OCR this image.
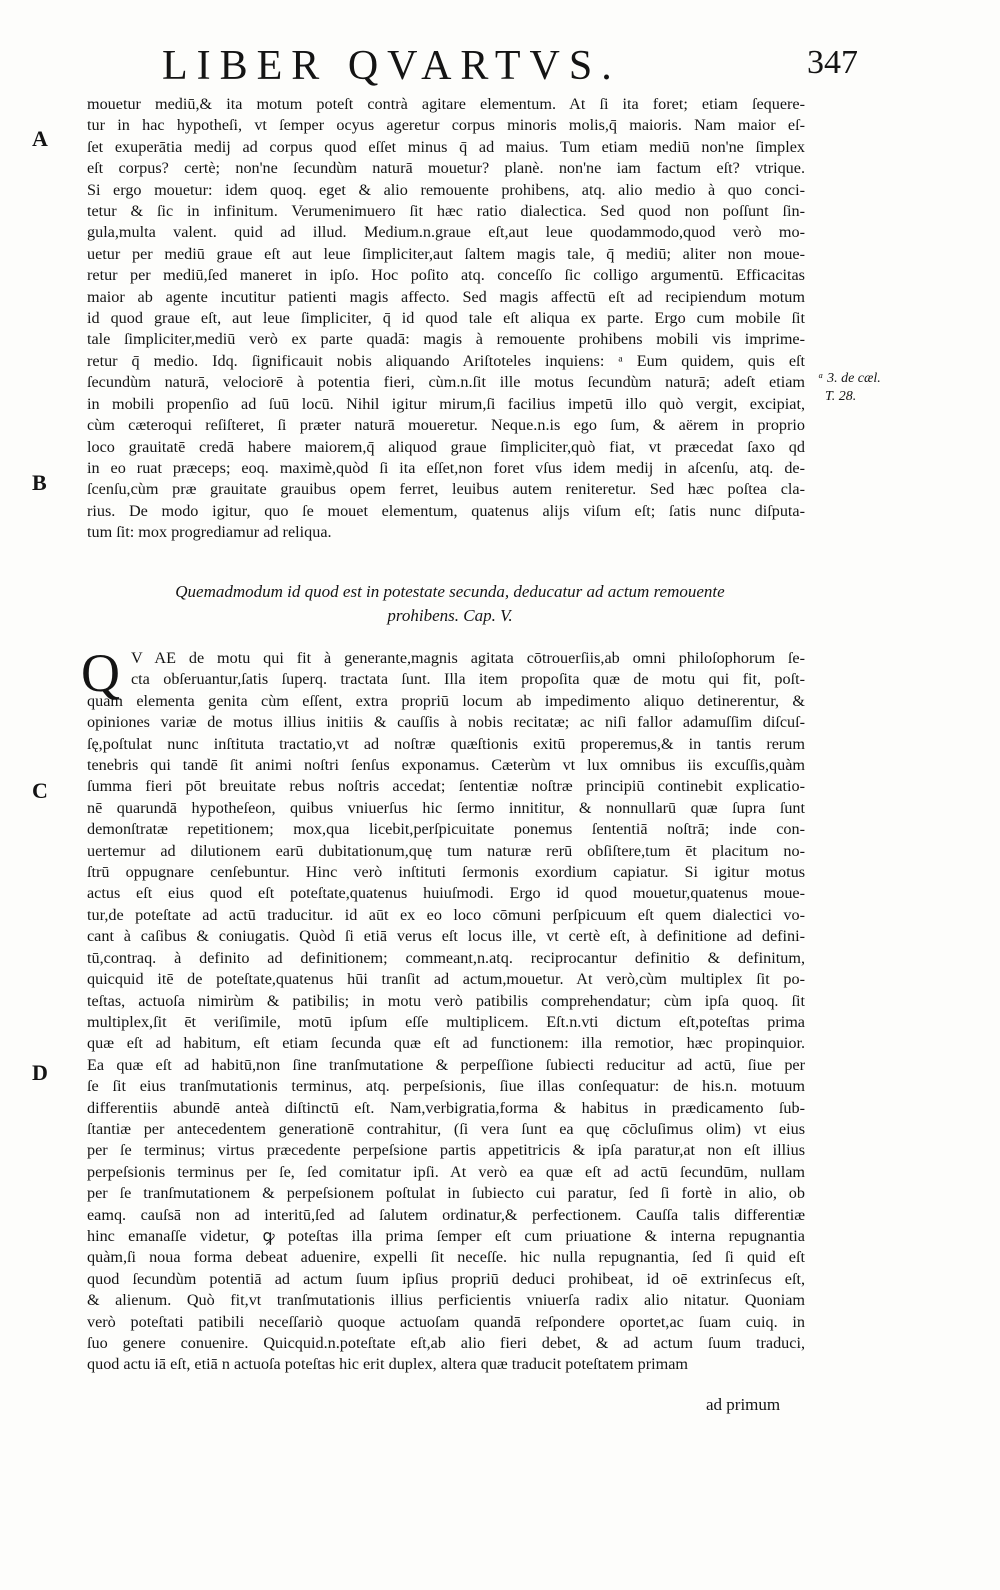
LIBER QVARTVS.	347
A
B
C
D
ᵃ 3. de cæl.
T. 28.
mouetur mediū,& ita motum poteſt contrà agitare elementum. At ſi ita foret; etiam ſequere-
tur in hac hypotheſi, vt ſemper ocyus ageretur corpus minoris molis,q̄ maioris. Nam maior eſ-
ſet exuperātia medij ad corpus quod eſſet minus q̄ ad maius. Tum etiam mediū non'ne ſimplex
eſt corpus? certè; non'ne ſecundùm naturā mouetur? planè. non'ne iam factum eſt? vtrique.
Si ergo mouetur: idem quoq. eget & alio remouente prohibens, atq. alio medio à quo conci-
tetur & ſic in infinitum. Verumenimuero ſit hæc ratio dialectica. Sed quod non poſſunt ſin-
gula,multa valent. quid ad illud. Medium.n.graue eſt,aut leue quodammodo,quod verò mo-
uetur per mediū graue eſt aut leue ſimpliciter,aut ſaltem magis tale, q̄ mediū; aliter non moue-
retur per mediū,ſed maneret in ipſo. Hoc poſito atq. conceſſo ſic colligo argumentū. Efficacitas
maior ab agente incutitur patienti magis affecto. Sed magis affectū eſt ad recipiendum motum
id quod graue eſt, aut leue ſimpliciter, q̄ id quod tale eſt aliqua ex parte. Ergo cum mobile ſit
tale ſimpliciter,mediū verò ex parte quadā: magis à remouente prohibens mobili vis imprime-
retur q̄ medio. Idq. ſignificauit nobis aliquando Ariſtoteles inquiens: ᵃ Eum quidem, quis eſt
ſecundùm naturā, velociorē à potentia fieri, cùm.n.ſit ille motus ſecundùm naturā; adeſt etiam
in mobili propenſio ad ſuū locū. Nihil igitur mirum,ſi facilius impetū illo quò vergit, excipiat,
cùm cæteroqui reſiſteret, ſi præter naturā moueretur. Neque.n.is ego ſum, & aërem in proprio
loco grauitatē credā habere maiorem,q̄ aliquod graue ſimpliciter,quò fiat, vt præcedat ſaxo qd
in eo ruat præceps; eoq. maximè,quòd ſi ita eſſet,non foret vſus idem medij in aſcenſu, atq. de-
ſcenſu,cùm præ grauitate grauibus opem ferret, leuibus autem reniteretur. Sed hæc poſtea cla-
rius. De modo igitur, quo ſe mouet elementum, quatenus alijs viſum eſt; ſatis nunc diſputa-
tum ſit: mox progrediamur ad reliqua.
Quemadmodum id quod est in potestate secunda, deducatur ad actum remouente
prohibens. Cap. V.
V AE de motu qui fit à generante,magnis agitata cōtrouerſiis,ab omni philoſophorum ſe-
cta obſeruantur,ſatis ſuperq. tractata ſunt. Illa item propoſita quæ de motu qui fit, poſt-
quam elementa genita cùm eſſent, extra propriū locum ab impedimento aliquo detinerentur, &
opiniones variæ de motus illius initiis & cauſſis à nobis recitatæ; ac niſi fallor adamuſſim diſcuſ-
ſę,poſtulat nunc inſtituta tractatio,vt ad noſtræ quæſtionis exitū properemus,& in tantis rerum
tenebris qui tandē ſit animi noſtri ſenſus exponamus. Cæterùm vt lux omnibus iis excuſſis,quàm
ſumma fieri pōt breuitate rebus noſtris accedat; ſententiæ noſtræ principiū continebit explicatio-
nē quarundā hypotheſeon, quibus vniuerſus hic ſermo innititur, & nonnullarū quæ ſupra ſunt
demonſtratæ repetitionem; mox,qua licebit,perſpicuitate ponemus ſententiā noſtrā; inde con-
uertemur ad dilutionem earū dubitationum,quę tum naturæ rerū obſiſtere,tum ēt placitum no-
ſtrū oppugnare cenſebuntur. Hinc verò inſtituti ſermonis exordium capiatur. Si igitur motus
actus eſt eius quod eſt poteſtate,quatenus huiuſmodi. Ergo id quod mouetur,quatenus moue-
tur,de poteſtate ad actū traducitur. id aūt ex eo loco cōmuni perſpicuum eſt quem dialectici vo-
cant à caſibus & coniugatis. Quòd ſi etiā verus eſt locus ille, vt certè eſt, à definitione ad defini-
tū,contraq. à definito ad definitionem; commeant,n.atq. reciprocantur definitio & definitum,
quicquid itē de poteſtate,quatenus hūi tranſit ad actum,mouetur. At verò,cùm multiplex ſit po-
teſtas, actuoſa nimirùm & patibilis; in motu verò patibilis comprehendatur; cùm ipſa quoq. ſit
multiplex,ſit ēt veriſimile, motū ipſum eſſe multiplicem. Eſt.n.vti dictum eſt,poteſtas prima
quæ eſt ad habitum, eſt etiam ſecunda quæ eſt ad functionem: illa remotior, hæc propinquior.
Ea quæ eſt ad habitū,non ſine tranſmutatione & perpeſſione ſubiecti reducitur ad actū, ſiue per
ſe ſit eius tranſmutationis terminus, atq. perpeſsionis, ſiue illas conſequatur: de his.n. motuum
differentiis abundē anteà diſtinctū eſt. Nam,verbigratia,forma & habitus in prædicamento ſub-
ſtantiæ per antecedentem generationē contrahitur, (ſi vera ſunt ea quę cōcluſimus olim) vt eius
per ſe terminus; virtus præcedente perpeſsione partis appetitricis & ipſa paratur,at non eſt illius
perpeſsionis terminus per ſe, ſed comitatur ipſi. At verò ea quæ eſt ad actū ſecundūm, nullam
per ſe tranſmutationem & perpeſsionem poſtulat in ſubiecto cui paratur, ſed ſi fortè in alio, ob
eamq. cauſsā non ad interitū,ſed ad ſalutem ordinatur,& perfectionem. Cauſſa talis differentiæ
hinc emanaſſe videtur, ꝙ poteſtas illa prima ſemper eſt cum priuatione & interna repugnantia
quàm,ſi noua forma debeat aduenire, expelli ſit neceſſe. hic nulla repugnantia, ſed ſi quid eſt
quod ſecundùm potentiā ad actum ſuum ipſius propriū deduci prohibeat, id oē extrinſecus eſt,
& alienum. Quò fit,vt tranſmutationis illius perficientis vniuerſa radix alio nitatur. Quoniam
verò poteſtati patibili neceſſariò quoque actuoſam quandā reſpondere oportet,ac ſuam cuiq. in
ſuo genere conuenire. Quicquid.n.poteſtate eſt,ab alio fieri debet, & ad actum ſuum traduci,
quod actu iā eſt, etiā n actuoſa poteſtas hic erit duplex, altera quæ traducit poteſtatem primam
Q
ad primum
